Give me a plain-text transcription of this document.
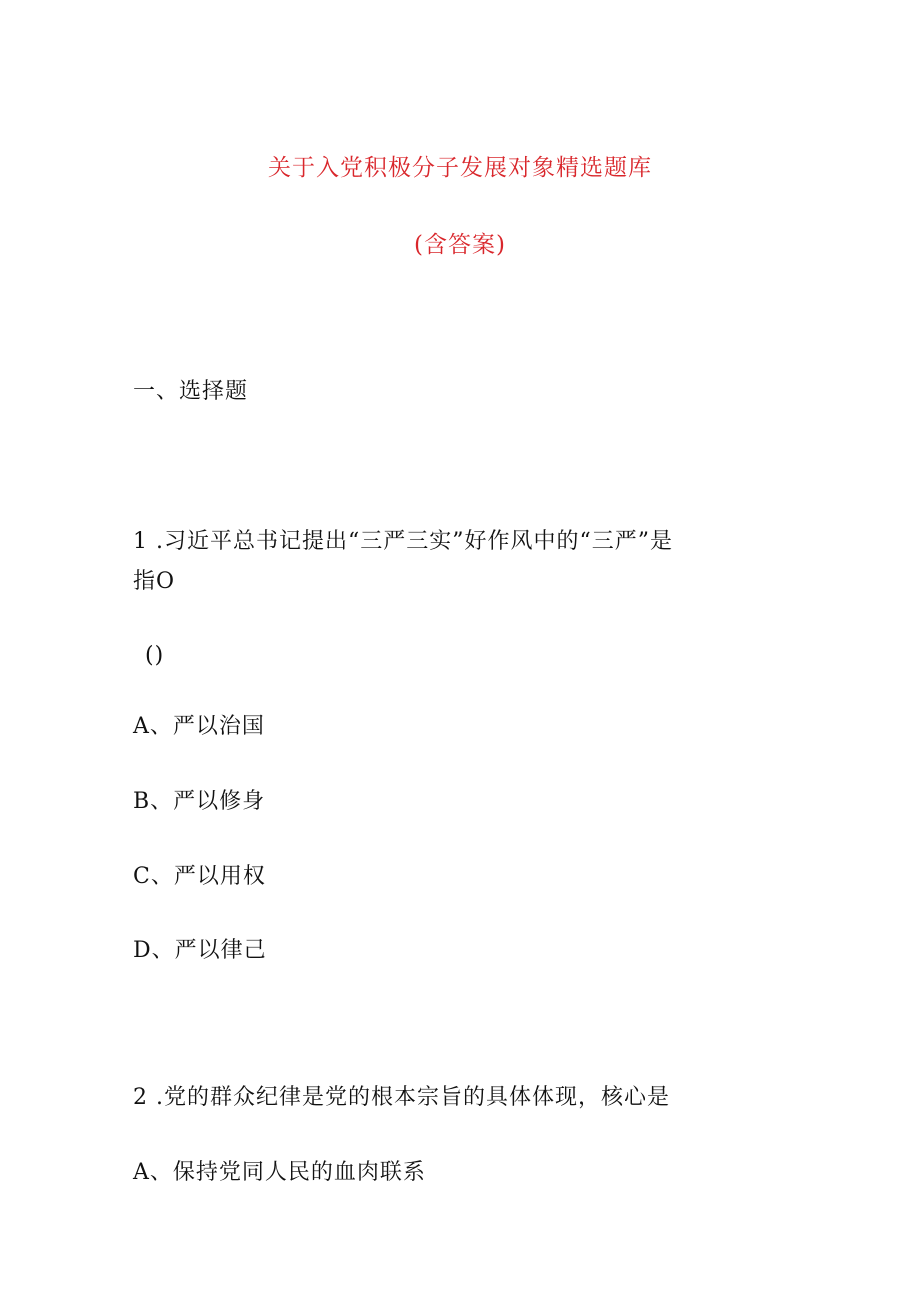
关于入党积极分子发展对象精选题库
(含答案)
一、选择题
1 .习近平总书记提出“三严三实”好作风中的“三严”是
指O
()
A、严以治国
B、严以修身
C、严以用权
D、严以律己
2 .党的群众纪律是党的根本宗旨的具体体现，核心是
A、保持党同人民的血肉联系
